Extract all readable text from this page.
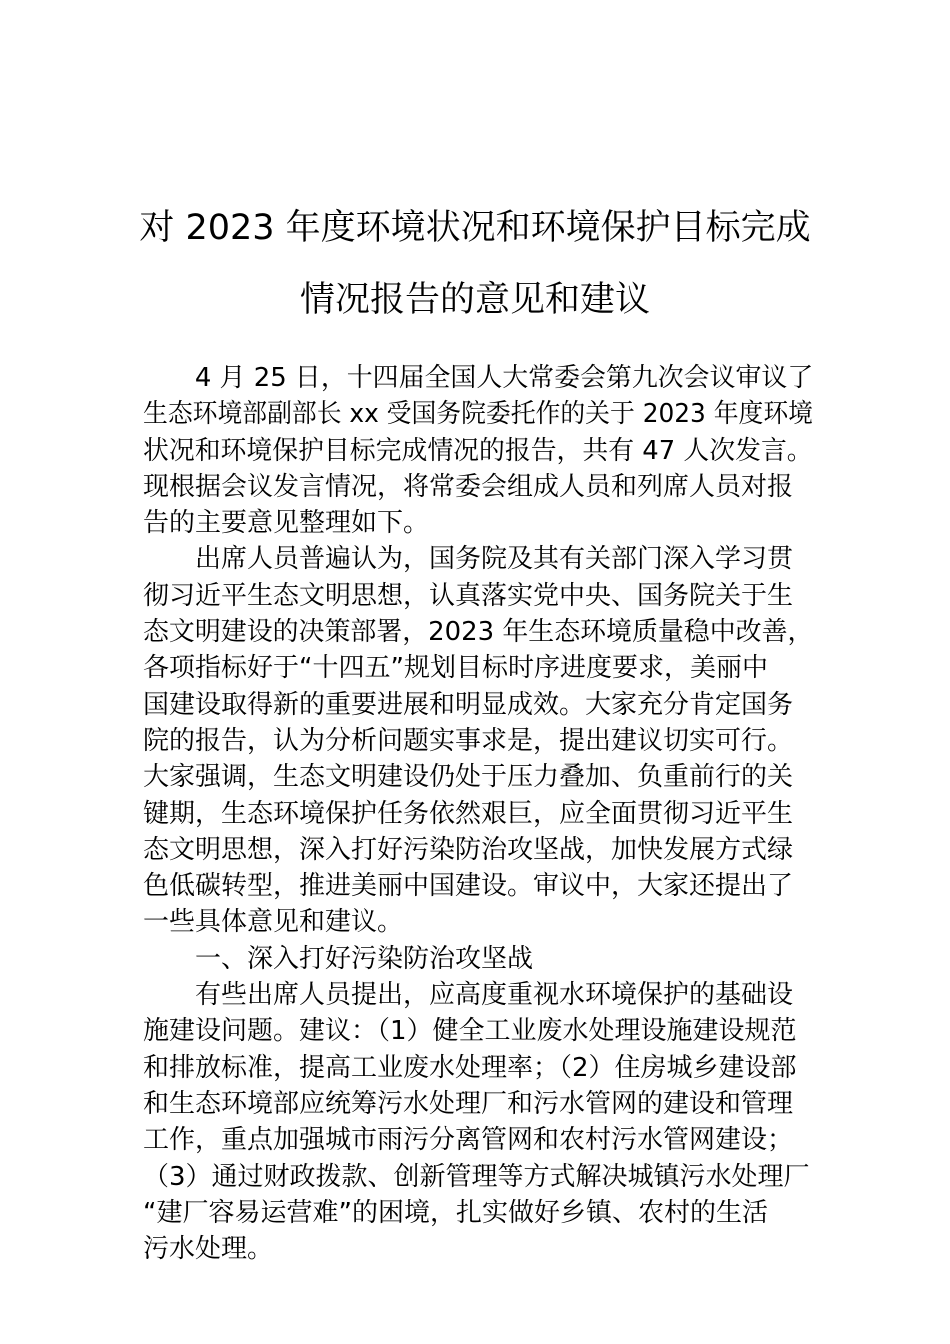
对 2023 年度环境状况和环境保护目标完成
情况报告的意见和建议
4 月 25 日，十四届全国人大常委会第九次会议审议了
生态环境部副部长 xx 受国务院委托作的关于 2023 年度环境
状况和环境保护目标完成情况的报告，共有 47 人次发言。
现根据会议发言情况，将常委会组成人员和列席人员对报
告的主要意见整理如下。
出席人员普遍认为，国务院及其有关部门深入学习贯
彻习近平生态文明思想，认真落实党中央、国务院关于生
态文明建设的决策部署，2023 年生态环境质量稳中改善，
各项指标好于“十四五”规划目标时序进度要求，美丽中
国建设取得新的重要进展和明显成效。大家充分肯定国务
院的报告，认为分析问题实事求是，提出建议切实可行。
大家强调，生态文明建设仍处于压力叠加、负重前行的关
键期，生态环境保护任务依然艰巨，应全面贯彻习近平生
态文明思想，深入打好污染防治攻坚战，加快发展方式绿
色低碳转型，推进美丽中国建设。审议中，大家还提出了
一些具体意见和建议。
一、深入打好污染防治攻坚战
有些出席人员提出，应高度重视水环境保护的基础设
施建设问题。建议：（1）健全工业废水处理设施建设规范
和排放标准，提高工业废水处理率；（2）住房城乡建设部
和生态环境部应统筹污水处理厂和污水管网的建设和管理
工作，重点加强城市雨污分离管网和农村污水管网建设；
（3）通过财政拨款、创新管理等方式解决城镇污水处理厂
“建厂容易运营难”的困境，扎实做好乡镇、农村的生活
污水处理。
